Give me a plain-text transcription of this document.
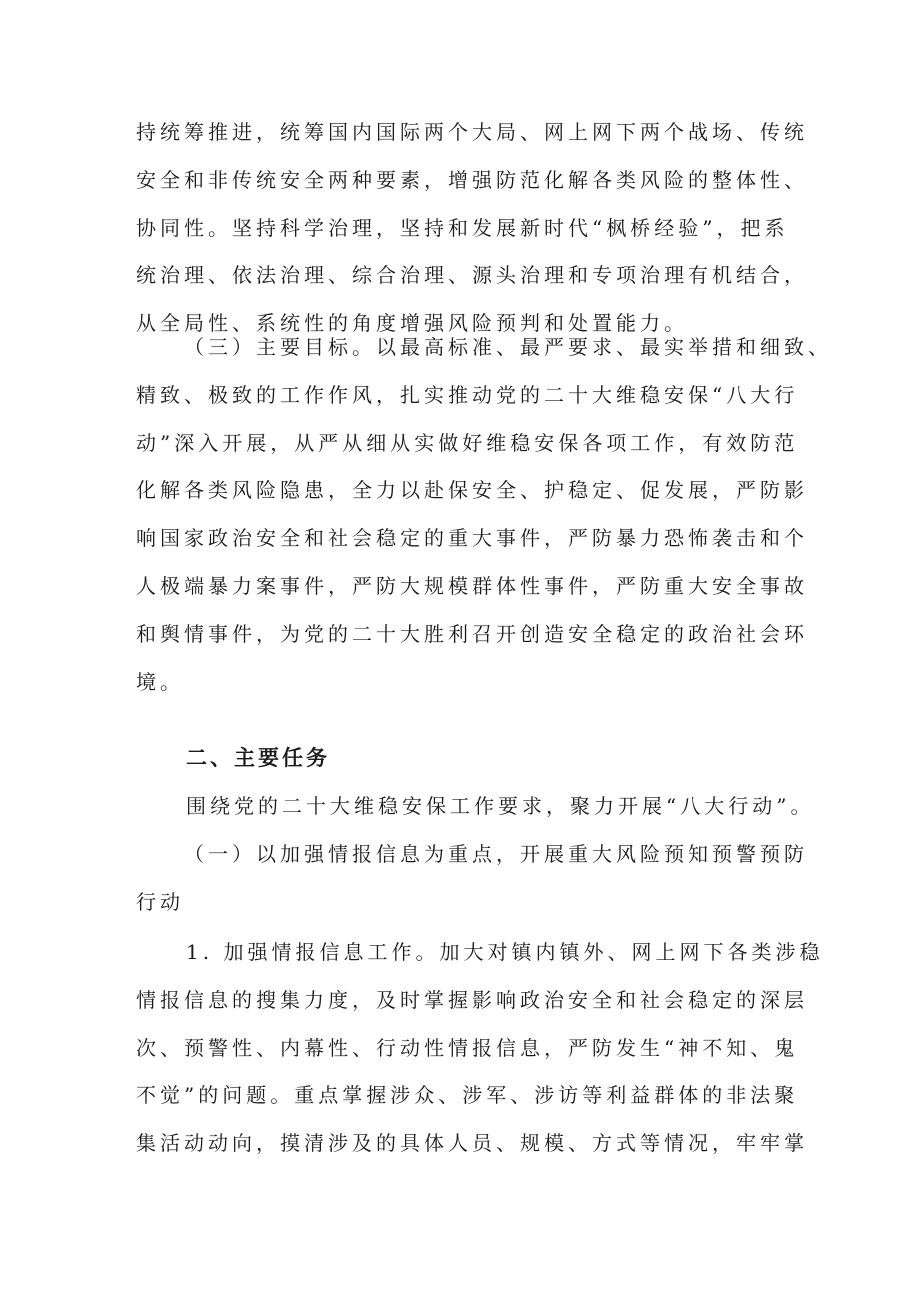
持统筹推进，统筹国内国际两个大局、网上网下两个战场、传统
安全和非传统安全两种要素，增强防范化解各类风险的整体性、
协同性。坚持科学治理，坚持和发展新时代“枫桥经验”，把系
统治理、依法治理、综合治理、源头治理和专项治理有机结合，
从全局性、系统性的角度增强风险预判和处置能力。
（三）主要目标。以最高标准、最严要求、最实举措和细致、
精致、极致的工作作风，扎实推动党的二十大维稳安保“八大行
动”深入开展，从严从细从实做好维稳安保各项工作，有效防范
化解各类风险隐患，全力以赴保安全、护稳定、促发展，严防影
响国家政治安全和社会稳定的重大事件，严防暴力恐怖袭击和个
人极端暴力案事件，严防大规模群体性事件，严防重大安全事故
和舆情事件，为党的二十大胜利召开创造安全稳定的政治社会环
境。
二、主要任务
围绕党的二十大维稳安保工作要求，聚力开展“八大行动”。
（一）以加强情报信息为重点，开展重大风险预知预警预防
行动
1. 加强情报信息工作。加大对镇内镇外、网上网下各类涉稳
情报信息的搜集力度，及时掌握影响政治安全和社会稳定的深层
次、预警性、内幕性、行动性情报信息，严防发生“神不知、鬼
不觉”的问题。重点掌握涉众、涉军、涉访等利益群体的非法聚
集活动动向，摸清涉及的具体人员、规模、方式等情况，牢牢掌
